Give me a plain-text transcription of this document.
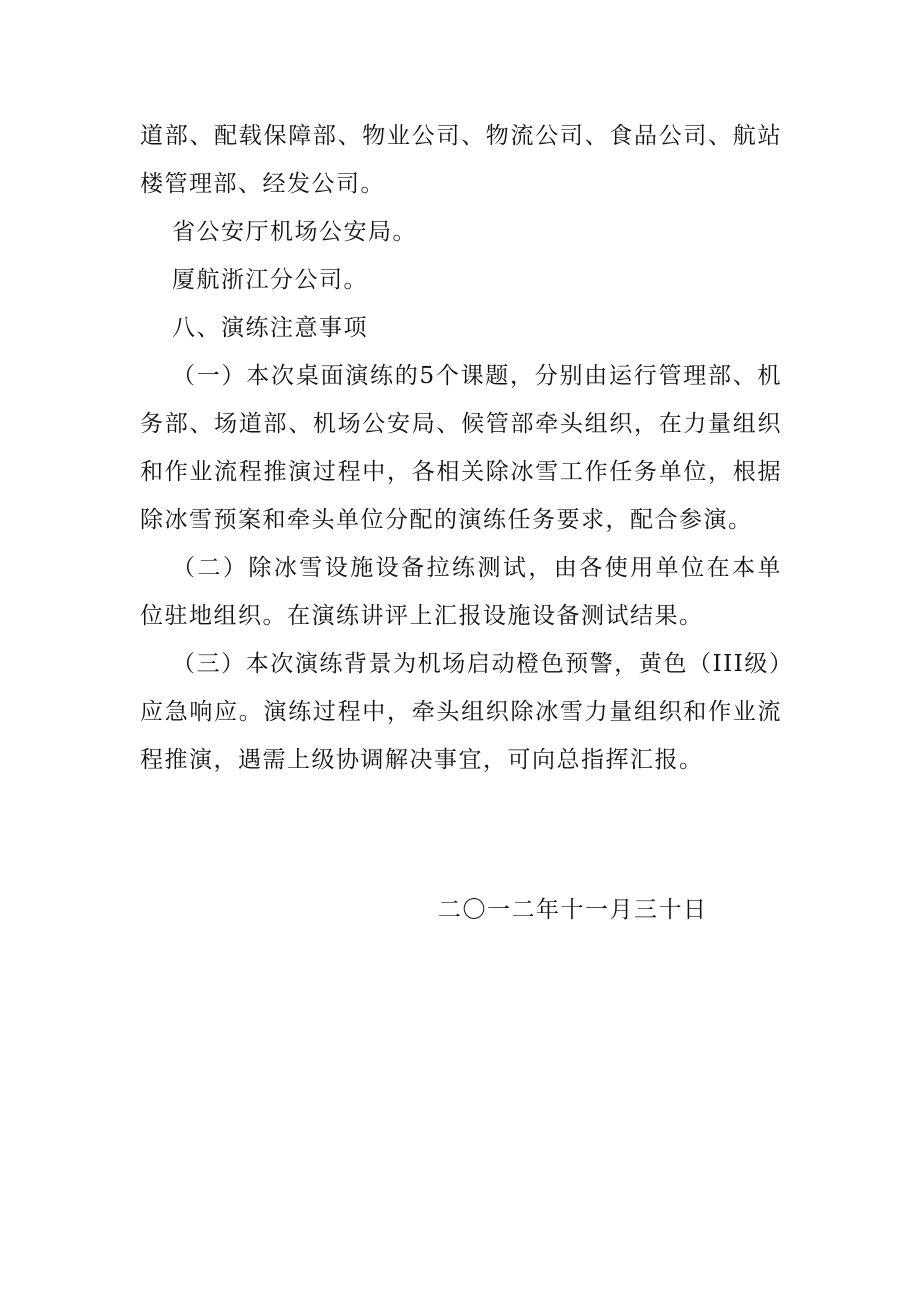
道部、配载保障部、物业公司、物流公司、食品公司、航站楼管理部、经发公司。

省公安厅机场公安局。

厦航浙江分公司。

八、演练注意事项

（一）本次桌面演练的5个课题，分别由运行管理部、机务部、场道部、机场公安局、候管部牵头组织，在力量组织和作业流程推演过程中，各相关除冰雪工作任务单位，根据除冰雪预案和牵头单位分配的演练任务要求，配合参演。

（二）除冰雪设施设备拉练测试，由各使用单位在本单位驻地组织。在演练讲评上汇报设施设备测试结果。

（三）本次演练背景为机场启动橙色预警，黄色（III级）应急响应。演练过程中，牵头组织除冰雪力量组织和作业流程推演，遇需上级协调解决事宜，可向总指挥汇报。

二〇一二年十一月三十日
